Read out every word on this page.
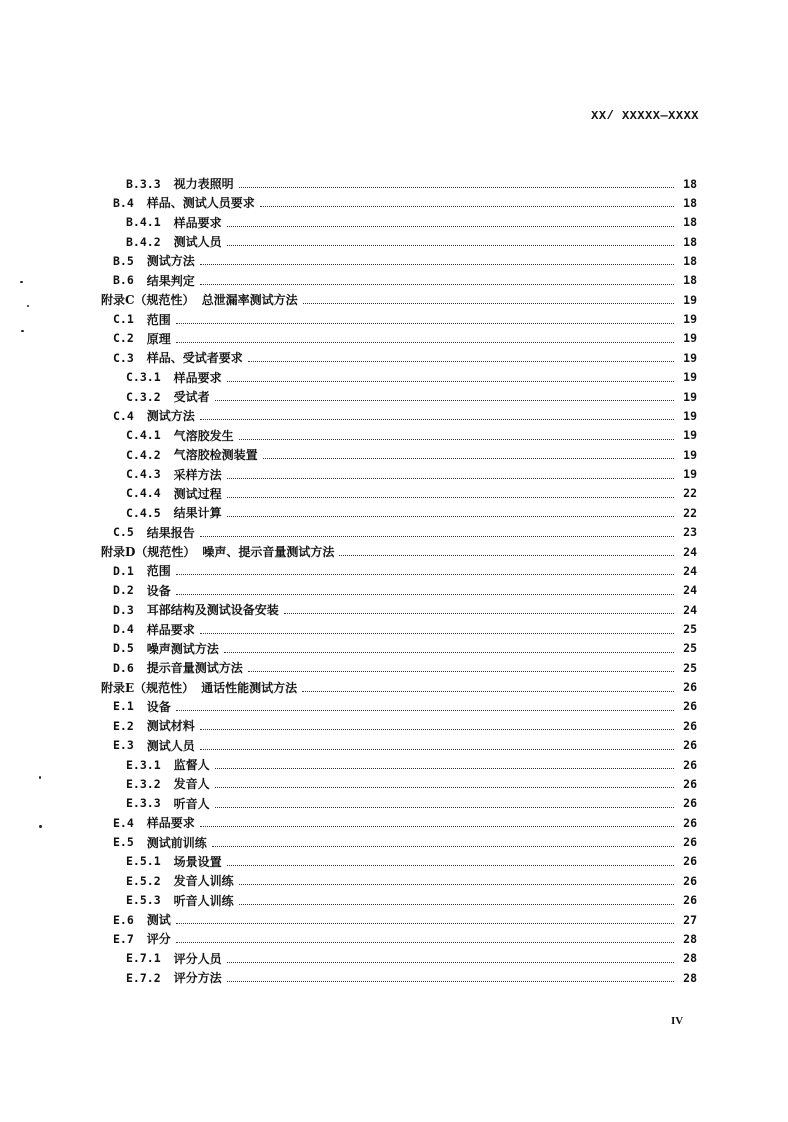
XX/ XXXXX—XXXX
B.3.3 视力表照明	18
B.4 样品、测试人员要求	18
B.4.1 样品要求	18
B.4.2 测试人员	18
B.5 测试方法	18
B.6 结果判定	18
附录C（规范性） 总泄漏率测试方法	19
C.1 范围	19
C.2 原理	19
C.3 样品、受试者要求	19
C.3.1 样品要求	19
C.3.2 受试者	19
C.4 测试方法	19
C.4.1 气溶胶发生	19
C.4.2 气溶胶检测装置	19
C.4.3 采样方法	19
C.4.4 测试过程	22
C.4.5 结果计算	22
C.5 结果报告	23
附录D（规范性） 噪声、提示音量测试方法	24
D.1 范围	24
D.2 设备	24
D.3 耳部结构及测试设备安装	24
D.4 样品要求	25
D.5 噪声测试方法	25
D.6 提示音量测试方法	25
附录E（规范性） 通话性能测试方法	26
E.1 设备	26
E.2 测试材料	26
E.3 测试人员	26
E.3.1 监督人	26
E.3.2 发音人	26
E.3.3 听音人	26
E.4 样品要求	26
E.5 测试前训练	26
E.5.1 场景设置	26
E.5.2 发音人训练	26
E.5.3 听音人训练	26
E.6 测试	27
E.7 评分	28
E.7.1 评分人员	28
E.7.2 评分方法	28
IV
